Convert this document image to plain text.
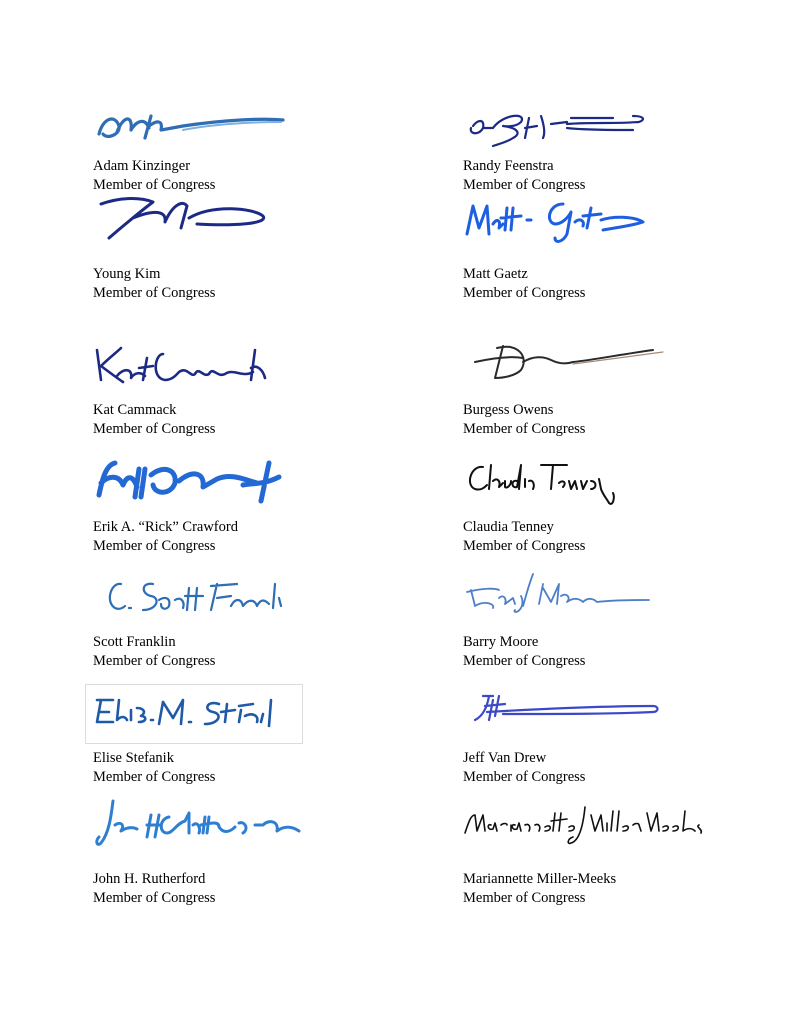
Adam Kinzinger
Member of Congress
Young Kim
Member of Congress
Kat Cammack
Member of Congress
Erik A. “Rick” Crawford
Member of Congress
Scott Franklin
Member of Congress
Elise Stefanik
Member of Congress
John H. Rutherford
Member of Congress
Randy Feenstra
Member of Congress
Matt Gaetz
Member of Congress
Burgess Owens
Member of Congress
Claudia Tenney
Member of Congress
Barry Moore
Member of Congress
Jeff Van Drew
Member of Congress
Mariannette Miller-Meeks
Member of Congress
